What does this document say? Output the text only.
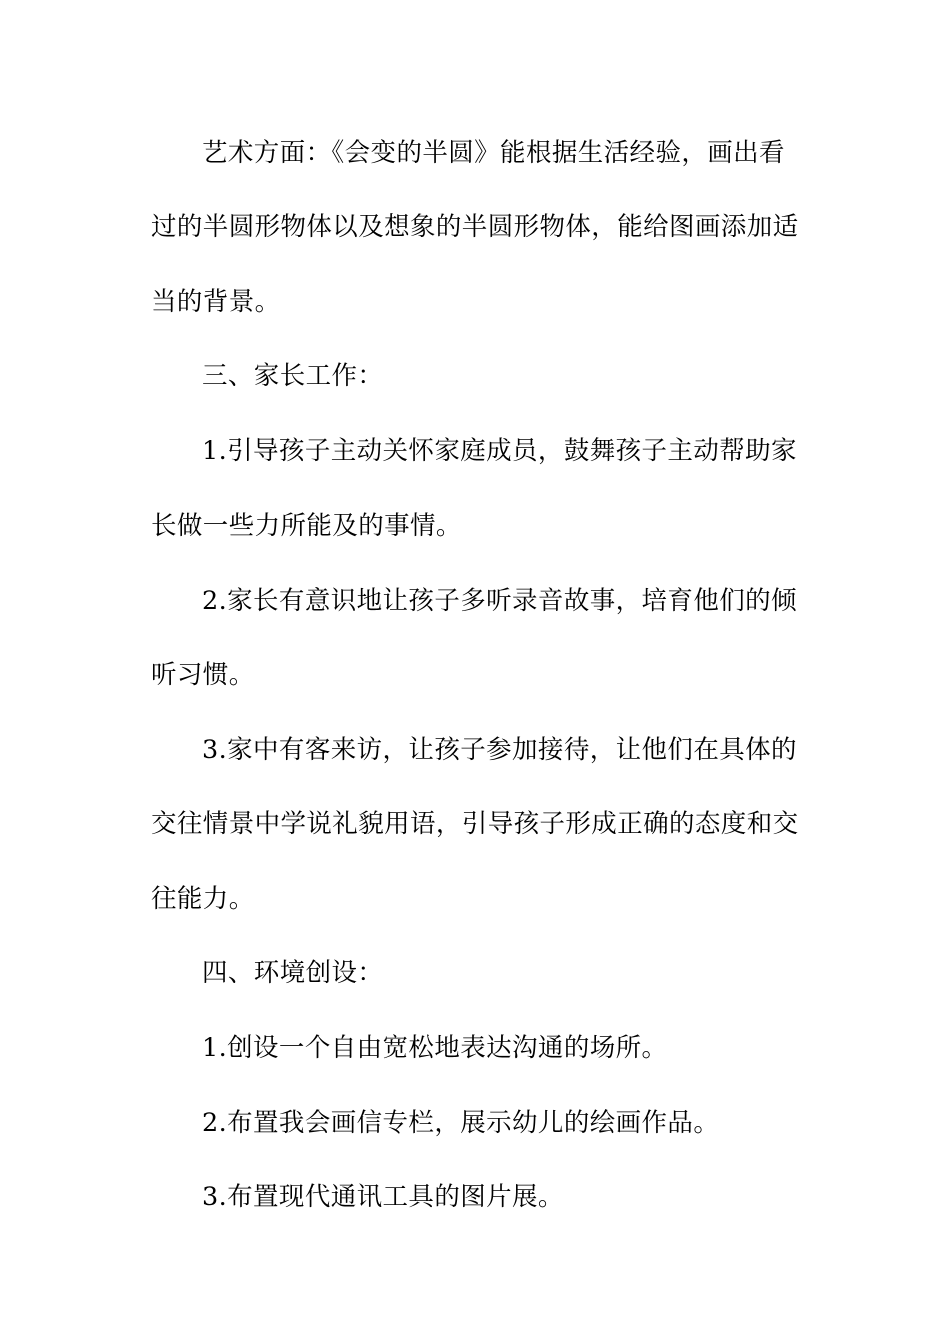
艺术方面：《会变的半圆》能根据生活经验，画出看
过的半圆形物体以及想象的半圆形物体，能给图画添加适
当的背景。
三、家长工作：
1.引导孩子主动关怀家庭成员，鼓舞孩子主动帮助家
长做一些力所能及的事情。
2.家长有意识地让孩子多听录音故事，培育他们的倾
听习惯。
3.家中有客来访，让孩子参加接待，让他们在具体的
交往情景中学说礼貌用语，引导孩子形成正确的态度和交
往能力。
四、环境创设：
1.创设一个自由宽松地表达沟通的场所。
2.布置我会画信专栏，展示幼儿的绘画作品。
3.布置现代通讯工具的图片展。
